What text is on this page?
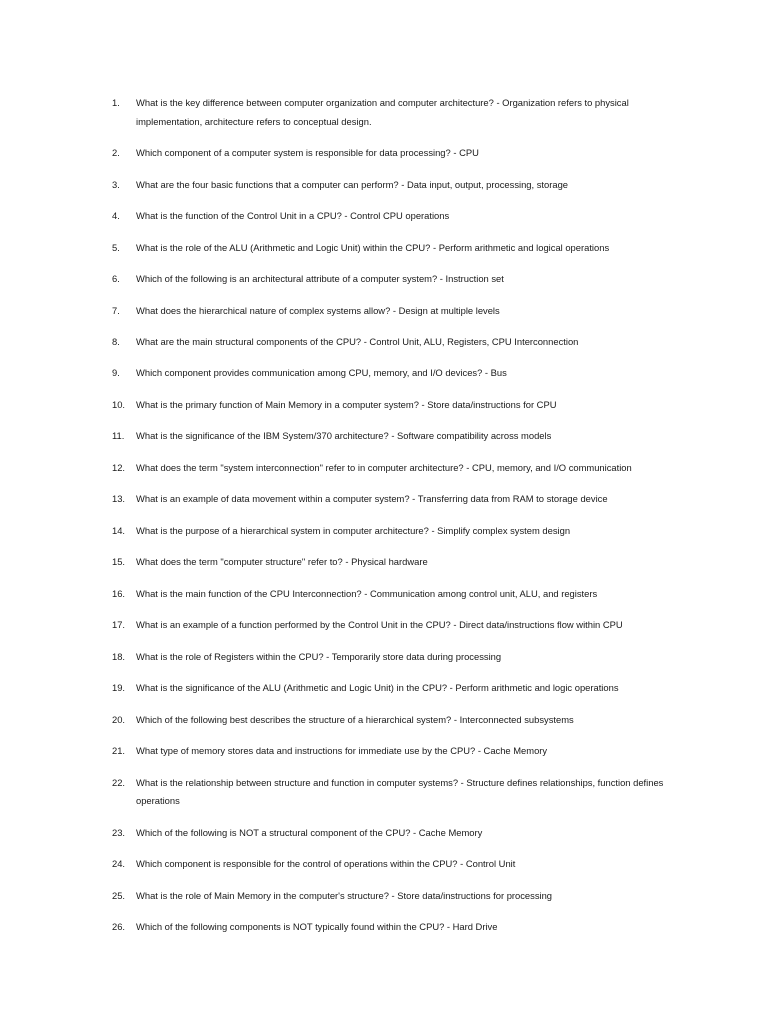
1.	What is the key difference between computer organization and computer architecture? - Organization refers to physical implementation, architecture refers to conceptual design.
2.	Which component of a computer system is responsible for data processing? - CPU
3.	What are the four basic functions that a computer can perform? - Data input, output, processing, storage
4.	What is the function of the Control Unit in a CPU? - Control CPU operations
5.	What is the role of the ALU (Arithmetic and Logic Unit) within the CPU? - Perform arithmetic and logical operations
6.	Which of the following is an architectural attribute of a computer system? - Instruction set
7.	What does the hierarchical nature of complex systems allow? - Design at multiple levels
8.	What are the main structural components of the CPU? - Control Unit, ALU, Registers, CPU Interconnection
9.	Which component provides communication among CPU, memory, and I/O devices? - Bus
10.	What is the primary function of Main Memory in a computer system? - Store data/instructions for CPU
11.	What is the significance of the IBM System/370 architecture? - Software compatibility across models
12.	What does the term "system interconnection" refer to in computer architecture? - CPU, memory, and I/O communication
13.	What is an example of data movement within a computer system? - Transferring data from RAM to storage device
14.	What is the purpose of a hierarchical system in computer architecture? - Simplify complex system design
15.	What does the term "computer structure" refer to? - Physical hardware
16.	What is the main function of the CPU Interconnection? - Communication among control unit, ALU, and registers
17.	What is an example of a function performed by the Control Unit in the CPU? - Direct data/instructions flow within CPU
18.	What is the role of Registers within the CPU? - Temporarily store data during processing
19.	What is the significance of the ALU (Arithmetic and Logic Unit) in the CPU? - Perform arithmetic and logic operations
20.	Which of the following best describes the structure of a hierarchical system? - Interconnected subsystems
21.	What type of memory stores data and instructions for immediate use by the CPU? - Cache Memory
22.	What is the relationship between structure and function in computer systems? - Structure defines relationships, function defines operations
23.	Which of the following is NOT a structural component of the CPU? - Cache Memory
24.	Which component is responsible for the control of operations within the CPU? - Control Unit
25.	What is the role of Main Memory in the computer's structure? - Store data/instructions for processing
26.	Which of the following components is NOT typically found within the CPU? - Hard Drive
